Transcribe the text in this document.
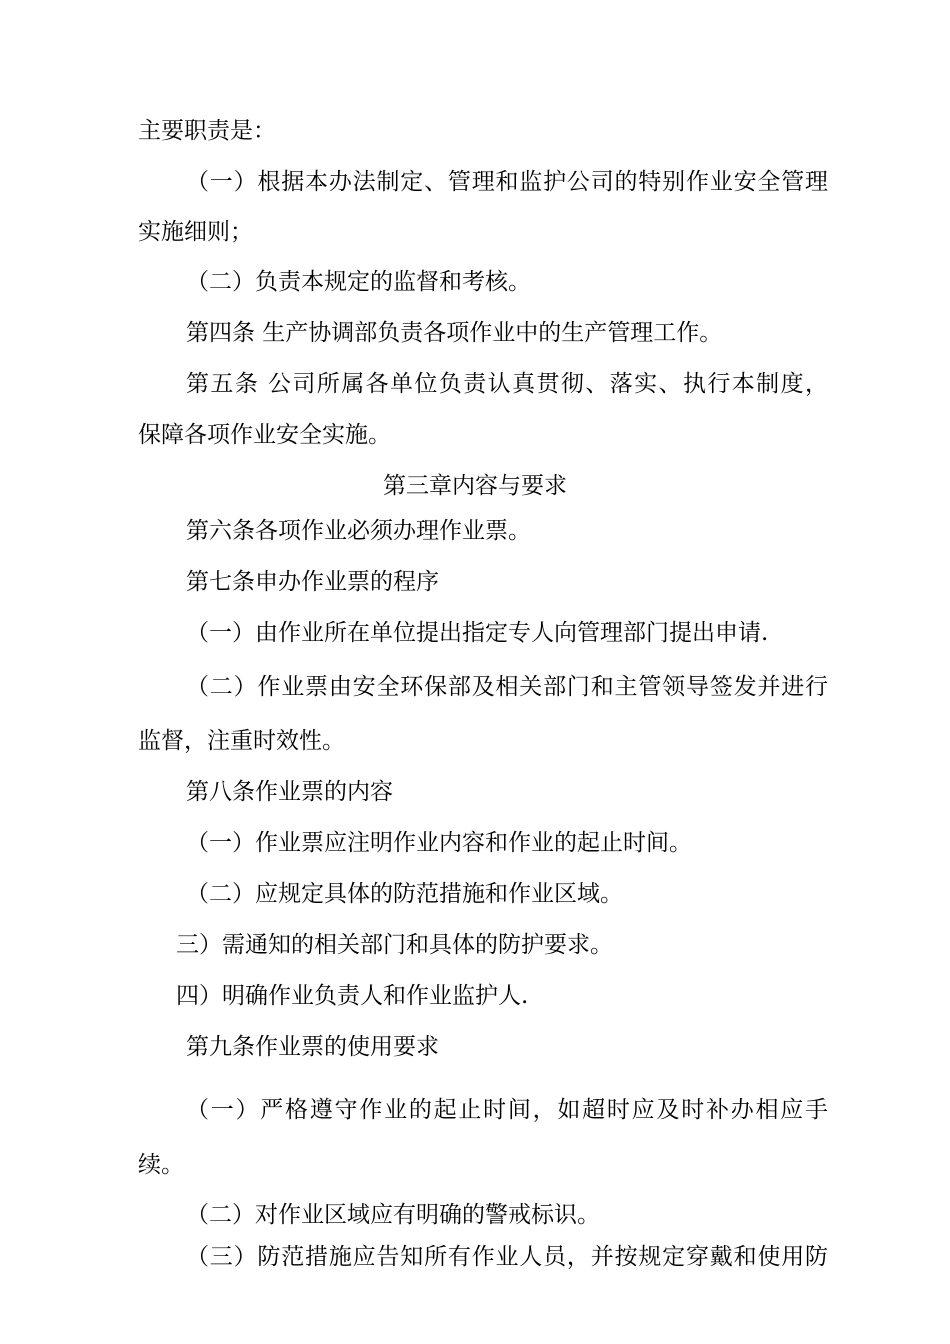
主要职责是：

（一）根据本办法制定、管理和监护公司的特别作业安全管理

实施细则；

（二）负责本规定的监督和考核。

第四条 生产协调部负责各项作业中的生产管理工作。

第五条 公司所属各单位负责认真贯彻、落实、执行本制度，

保障各项作业安全实施。

第三章内容与要求

第六条各项作业必须办理作业票。

第七条申办作业票的程序

（一）由作业所在单位提出指定专人向管理部门提出申请.

（二）作业票由安全环保部及相关部门和主管领导签发并进行

监督，注重时效性。

第八条作业票的内容

（一）作业票应注明作业内容和作业的起止时间。

（二）应规定具体的防范措施和作业区域。

三）需通知的相关部门和具体的防护要求。

四）明确作业负责人和作业监护人.

第九条作业票的使用要求

（一）严格遵守作业的起止时间，如超时应及时补办相应手

续。

（二）对作业区域应有明确的警戒标识。

（三）防范措施应告知所有作业人员，并按规定穿戴和使用防
